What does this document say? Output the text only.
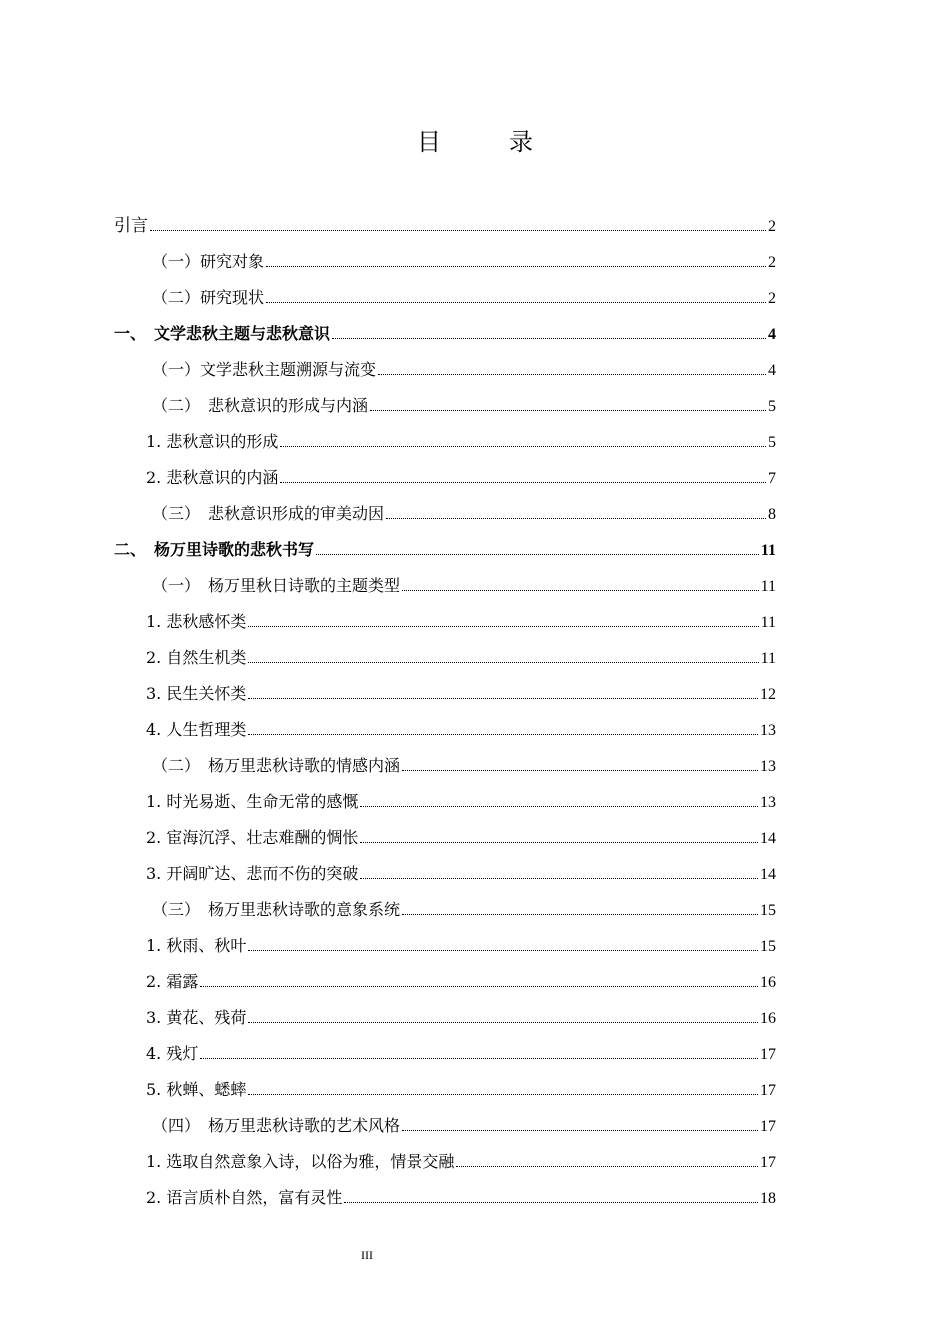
目　录
引言	2
（一）研究对象	2
（二）研究现状	2
一、　文学悲秋主题与悲秋意识	4
（一）文学悲秋主题溯源与流变	4
（二）　悲秋意识的形成与内涵	5
1. 悲秋意识的形成	5
2. 悲秋意识的内涵	7
（三）　悲秋意识形成的审美动因	8
二、　杨万里诗歌的悲秋书写	11
（一）　杨万里秋日诗歌的主题类型	11
1. 悲秋感怀类	11
2. 自然生机类	11
3. 民生关怀类	12
4. 人生哲理类	13
（二）　杨万里悲秋诗歌的情感内涵	13
1. 时光易逝、生命无常的感慨	13
2. 宦海沉浮、壮志难酬的惆怅	14
3. 开阔旷达、悲而不伤的突破	14
（三）　杨万里悲秋诗歌的意象系统	15
1. 秋雨、秋叶	15
2. 霜露	16
3. 黄花、残荷	16
4. 残灯	17
5. 秋蝉、蟋蟀	17
（四）　杨万里悲秋诗歌的艺术风格	17
1. 选取自然意象入诗，以俗为雅，情景交融	17
2. 语言质朴自然，富有灵性	18
III
